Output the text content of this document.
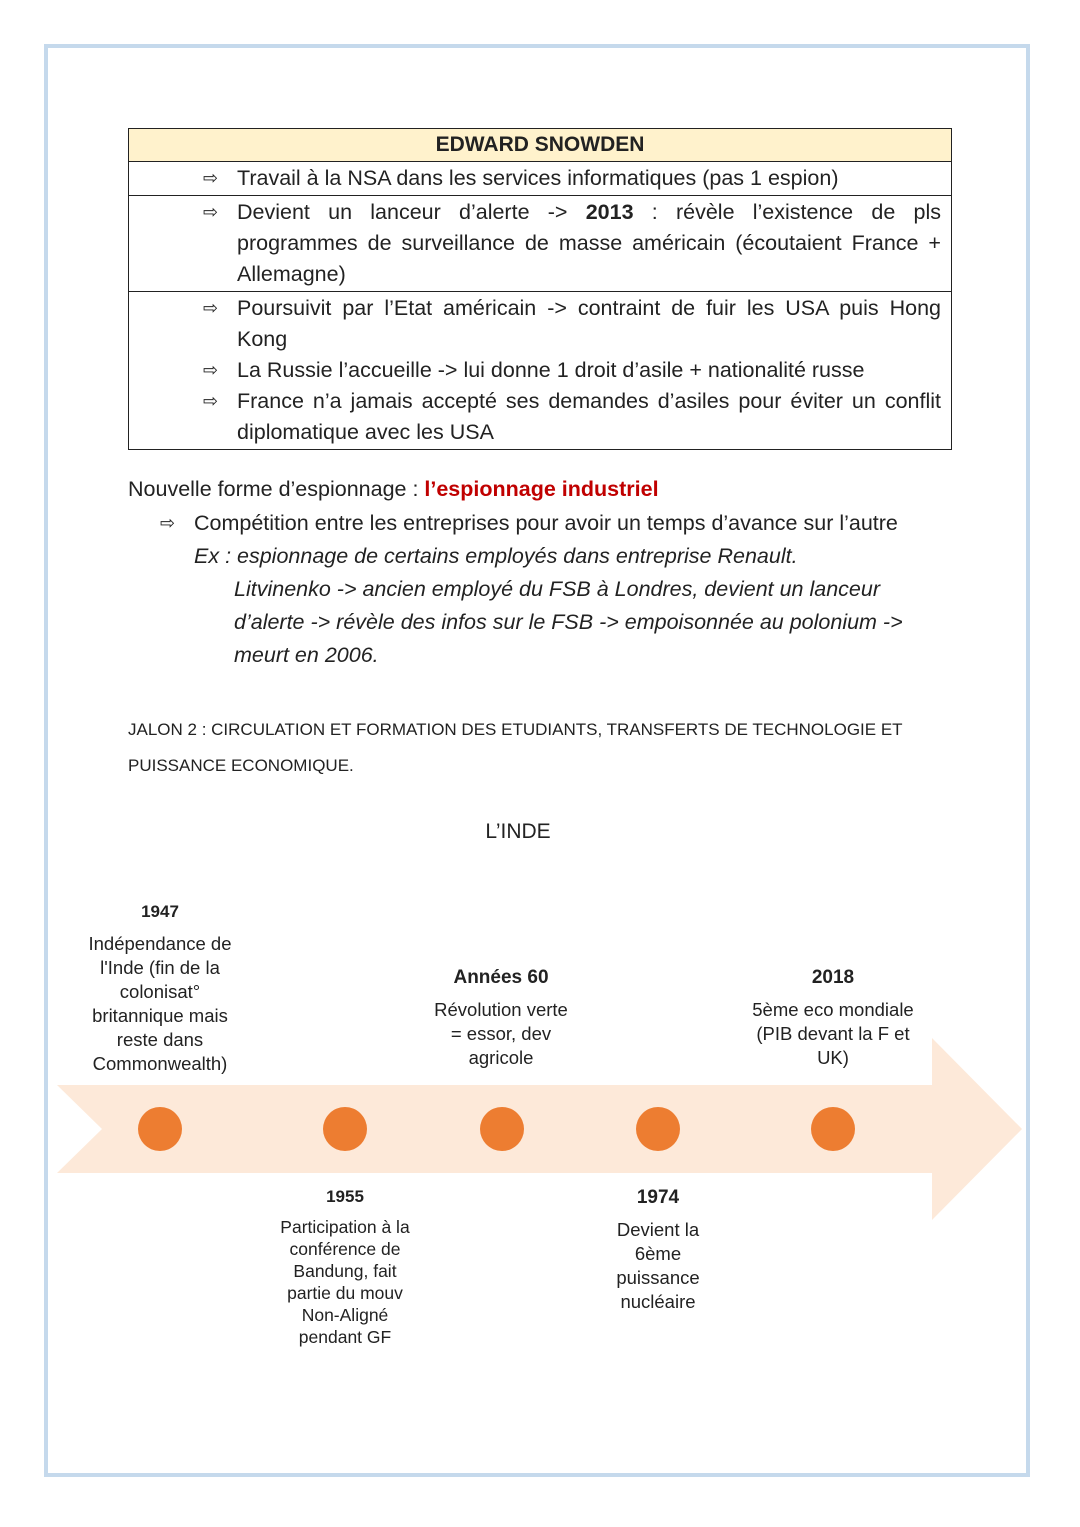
EDWARD SNOWDEN
⇨ Travail à la NSA dans les services informatiques (pas 1 espion)
⇨ Devient un lanceur d’alerte -> 2013 : révèle l’existence de pls programmes de surveillance de masse américain (écoutaient France + Allemagne)
⇨ Poursuivit par l’Etat américain -> contraint de fuir les USA puis Hong Kong
⇨ La Russie l’accueille -> lui donne 1 droit d’asile + nationalité russe
⇨ France n’a jamais accepté ses demandes d’asiles pour éviter un conflit diplomatique avec les USA
Nouvelle forme d’espionnage : l’espionnage industriel
⇨ Compétition entre les entreprises pour avoir un temps d’avance sur l’autre
Ex : espionnage de certains employés dans entreprise Renault.
Litvinenko -> ancien employé du FSB à Londres, devient un lanceur
d’alerte -> révèle des infos sur le FSB -> empoisonnée au polonium ->
meurt en 2006.
JALON 2 : CIRCULATION ET FORMATION DES ETUDIANTS, TRANSFERTS DE TECHNOLOGIE ET
PUISSANCE ECONOMIQUE.
L’INDE
1947
Indépendance de l'Inde (fin de la colonisat° britannique mais reste dans Commonwealth)
Années 60
Révolution verte = essor, dev agricole
2018
5ème eco mondiale (PIB devant la F et UK)
1955
Participation à la conférence de Bandung, fait partie du mouv Non-Aligné pendant GF
1974
Devient la 6ème puissance nucléaire
